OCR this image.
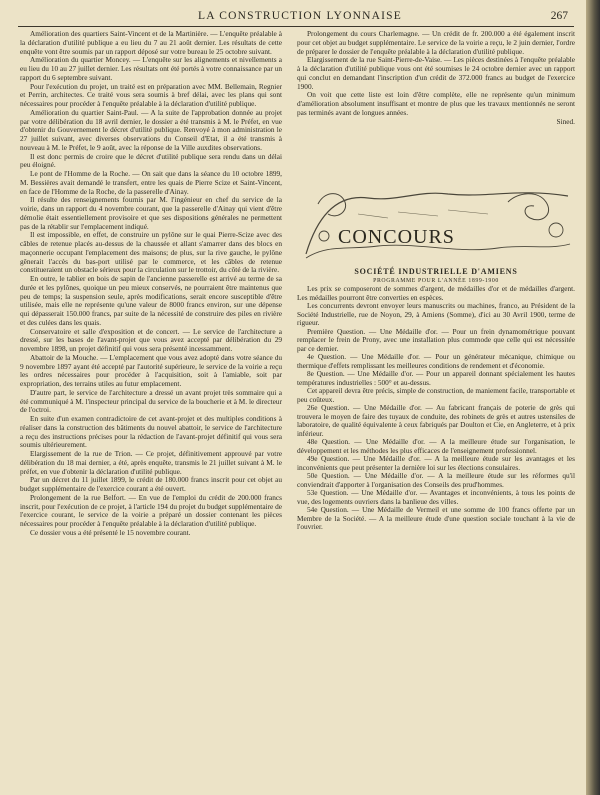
LA CONSTRUCTION LYONNAISE	267

Amélioration des quartiers Saint-Vincent et de la Martinière. — L'enquête préalable à la déclaration d'utilité publique a eu lieu du 7 au 21 août dernier. Les résultats de cette enquête vont être soumis par un rapport déposé sur votre bureau le 25 octobre suivant.

Amélioration du quartier Moncey. — L'enquête sur les alignements et nivellements a eu lieu du 10 au 27 juillet dernier. Les résultats ont été portés à votre connaissance par un rapport du 6 septembre suivant.

Pour l'exécution du projet, un traité est en préparation avec MM. Bellemain, Regnier et Perrin, architectes. Ce traité vous sera soumis à bref délai, avec les plans qui sont nécessaires pour procéder à l'enquête préalable à la déclaration d'utilité publique.

Amélioration du quartier Saint-Paul. — A la suite de l'approbation donnée au projet par votre délibération du 18 avril dernier, le dossier a été transmis à M. le Préfet, en vue d'obtenir du Gouvernement le décret d'utilité publique. Renvoyé à mon administration le 27 juillet suivant, avec diverses observations du Conseil d'Etat, il a été transmis à nouveau à M. le Préfet, le 9 août, avec la réponse de la Ville auxdites observations.

Il est donc permis de croire que le décret d'utilité publique sera rendu dans un délai peu éloigné.

Le pont de l'Homme de la Roche. — On sait que dans la séance du 10 octobre 1899, M. Bessières avait demandé le transfert, entre les quais de Pierre Scize et Saint-Vincent, en face de l'Homme de la Roche, de la passerelle d'Ainay.

Il résulte des renseignements fournis par M. l'ingénieur en chef du service de la voirie, dans un rapport du 4 novembre courant, que la passerelle d'Ainay qui vient d'être démolie était essentiellement provisoire et que ses dispositions générales ne permettent pas de la rétablir sur l'emplacement indiqué.

Il est impossible, en effet, de construire un pylône sur le quai Pierre-Scize avec des câbles de retenue placés au-dessus de la chaussée et allant s'amarrer dans des blocs en maçonnerie occupant l'emplacement des maisons; de plus, sur la rive gauche, le pylône gênerait l'accès du bas-port utilisé par le commerce, et les câbles de retenue constitueraient un obstacle sérieux pour la circulation sur le trottoir, du côté de la rivière.

En outre, le tablier en bois de sapin de l'ancienne passerelle est arrivé au terme de sa durée et les pylônes, quoique un peu mieux conservés, ne pourraient être maintenus que peu de temps; la suspension seule, après modifications, serait encore susceptible d'être utilisée, mais elle ne représente qu'une valeur de 8000 francs environ, sur une dépense qui dépasserait 150.000 francs, par suite de la nécessité de construire des piles en rivière et des culées dans les quais.

Conservatoire et salle d'exposition et de concert. — Le service de l'architecture a dressé, sur les bases de l'avant-projet que vous avez accepté par délibération du 29 novembre 1898, un projet définitif qui vous sera présenté incessamment.

Abattoir de la Mouche. — L'emplacement que vous avez adopté dans votre séance du 9 novembre 1897 ayant été accepté par l'autorité supérieure, le service de la voirie a reçu les ordres nécessaires pour procéder à l'acquisition, soit à l'amiable, soit par expropriation, des terrains utiles au futur emplacement.

D'autre part, le service de l'architecture a dressé un avant projet très sommaire qui a été communiqué à M. l'inspecteur principal du service de la boucherie et à M. le directeur de l'octroi.

En suite d'un examen contradictoire de cet avant-projet et des multiples conditions à réaliser dans la construction des bâtiments du nouvel abattoir, le service de l'architecture a reçu des instructions précises pour la rédaction de l'avant-projet définitif qui vous sera soumis ultérieurement.

Elargissement de la rue de Trion. — Ce projet, définitivement approuvé par votre délibération du 18 mai dernier, a été, après enquête, transmis le 21 juillet suivant à M. le préfet, en vue d'obtenir la déclaration d'utilité publique.

Par un décret du 11 juillet 1899, le crédit de 180.000 francs inscrit pour cet objet au budget supplémentaire de l'exercice courant a été ouvert.

Prolongement de la rue Belfort. — En vue de l'emploi du crédit de 200.000 francs inscrit, pour l'exécution de ce projet, à l'article 194 du projet du budget supplémentaire de l'exercice courant, le service de la voirie a préparé un dossier contenant les pièces nécessaires pour procéder à l'enquête préalable à la déclaration d'utilité publique.

Ce dossier vous a été présenté le 15 novembre courant.

Prolongement du cours Charlemagne. — Un crédit de fr. 200.000 a été également inscrit pour cet objet au budget supplémentaire. Le service de la voirie a reçu, le 2 juin dernier, l'ordre de préparer le dossier de l'enquête préalable à la déclaration d'utilité publique.

Elargissement de la rue Saint-Pierre-de-Vaise. — Les pièces destinées à l'enquête préalable à la déclaration d'utilité publique vous ont été soumises le 24 octobre dernier avec un rapport qui conclut en demandant l'inscription d'un crédit de 372.000 francs au budget de l'exercice 1900.

On voit que cette liste est loin d'être complète, elle ne représente qu'un minimum d'amélioration absolument insuffisant et montre de plus que les travaux mentionnés ne seront pas terminés avant de longues années.

Sined.

CONCOURS

SOCIÉTÉ INDUSTRIELLE D'AMIENS

PROGRAMME POUR L'ANNÉE 1899-1900

Les prix se composeront de sommes d'argent, de médailles d'or et de médailles d'argent. Les médailles pourront être converties en espèces.

Les concurrents devront envoyer leurs manuscrits ou machines, franco, au Président de la Société Industrielle, rue de Noyon, 29, à Amiens (Somme), d'ici au 30 Avril 1900, terme de rigueur.

Première Question. — Une Médaille d'or. — Pour un frein dynamométrique pouvant remplacer le frein de Prony, avec une installation plus commode que celle qui est nécessitée par ce dernier.

4e Question. — Une Médaille d'or. — Pour un générateur mécanique, chimique ou thermique d'effets remplissant les meilleures conditions de rendement et d'économie.

8e Question. — Une Médaille d'or. — Pour un appareil donnant spécialement les hautes températures industrielles : 500° et au-dessus.

Cet appareil devra être précis, simple de construction, de maniement facile, transportable et peu coûteux.

26e Question. — Une Médaille d'or. — Au fabricant français de poterie de grès qui trouvera le moyen de faire des tuyaux de conduite, des robinets de grès et autres ustensiles de laboratoire, de qualité équivalente à ceux fabriqués par Doulton et Cie, en Angleterre, et à prix inférieur.

48e Question. — Une Médaille d'or. — A la meilleure étude sur l'organisation, le développement et les méthodes les plus efficaces de l'enseignement professionnel.

49e Question. — Une Médaille d'or. — A la meilleure étude sur les avantages et les inconvénients que peut présenter la dernière loi sur les élections consulaires.

50e Question. — Une Médaille d'or. — A la meilleure étude sur les réformes qu'il conviendrait d'apporter à l'organisation des Conseils des prud'hommes.

53e Question. — Une Médaille d'or. — Avantages et inconvénients, à tous les points de vue, des logements ouvriers dans la banlieue des villes.

54e Question. — Une Médaille de Vermeil et une somme de 100 francs offerte par un Membre de la Société. — A la meilleure étude d'une question sociale touchant à la vie de l'ouvrier.
